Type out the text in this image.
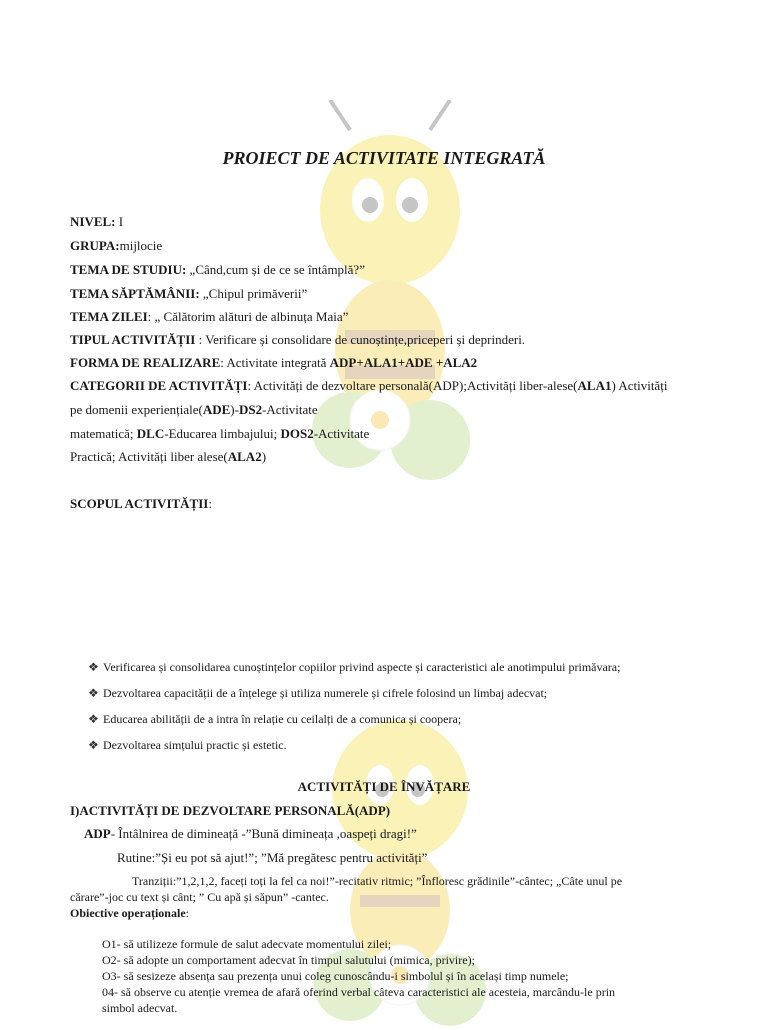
PROIECT DE ACTIVITATE INTEGRATĂ
NIVEL: I
GRUPA:mijlocie
TEMA DE STUDIU: „Când,cum și de ce se întâmplă?”
TEMA SĂPTĂMÂNII: „Chipul primăverii”
TEMA ZILEI: „ Călătorim alături de albinuța Maia”
TIPUL ACTIVITĂȚII : Verificare și consolidare de cunoștințe,priceperi și deprinderi.
FORMA DE REALIZARE: Activitate integrată ADP+ALA1+ADE +ALA2
CATEGORII DE ACTIVITĂȚI: Activități de dezvoltare personală(ADP);Activități liber-alese(ALA1) Activități
pe domenii experiențiale(ADE)-DS2-Activitate
matematică; DLC-Educarea limbajului; DOS2-Activitate
Practică; Activități liber alese(ALA2)
SCOPUL ACTIVITĂȚII:
❖ Verificarea și consolidarea cunoștințelor copiilor privind aspecte și caracteristici ale anotimpului primăvara;
❖ Dezvoltarea capacității de a înțelege și utiliza numerele și cifrele folosind un limbaj adecvat;
❖ Educarea abilității de a intra în relație cu ceilalți de a comunica și coopera;
❖ Dezvoltarea simțului practic și estetic.
ACTIVITĂȚI DE ÎNVĂȚARE
I)ACTIVITĂȚI DE DEZVOLTARE PERSONALĂ(ADP)
ADP- Întâlnirea de dimineață -”Bună dimineața ,oaspeți dragi!”
Rutine:”Și eu pot să ajut!”; ”Mă pregătesc pentru activități”
Tranziții:”1,2,1,2, faceți toți la fel ca noi!”-recitativ ritmic; ”Înfloresc grădinile”-cântec; „Câte unul pe
cărare”-joc cu text și cânt; ” Cu apă și săpun” -cantec.
Obiective operaționale:
O1- să utilizeze formule de salut adecvate momentului zilei;
O2- să adopte un comportament adecvat în timpul salutului (mimica, privire);
O3- să sesizeze absența sau prezența unui coleg cunoscându-i simbolul și în același timp numele;
04- să observe cu atenție vremea de afară oferind verbal câteva caracteristici ale acesteia, marcându-le prin
simbol adecvat.
